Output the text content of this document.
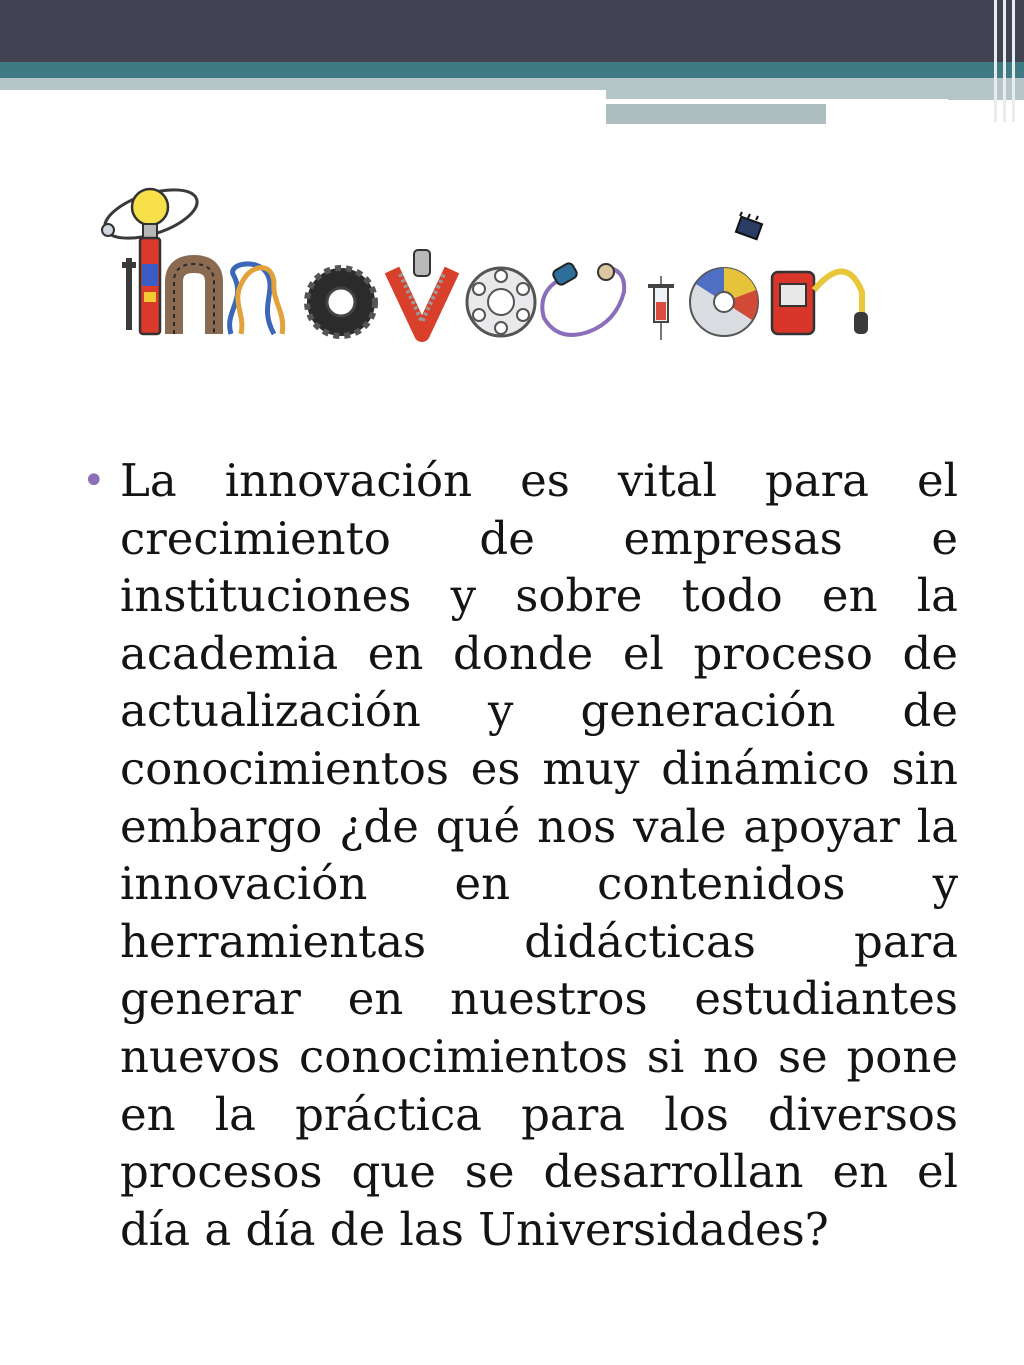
• La innovación es vital para el crecimiento de empresas e instituciones y sobre todo en la academia en donde el proceso de actualización y generación de conocimientos es muy dinámico sin embargo ¿de qué nos vale apoyar la innovación en contenidos y herramientas didácticas para generar en nuestros estudiantes nuevos conocimientos si no se pone en la práctica para los diversos procesos que se desarrollan en el día a día de las Universidades?
